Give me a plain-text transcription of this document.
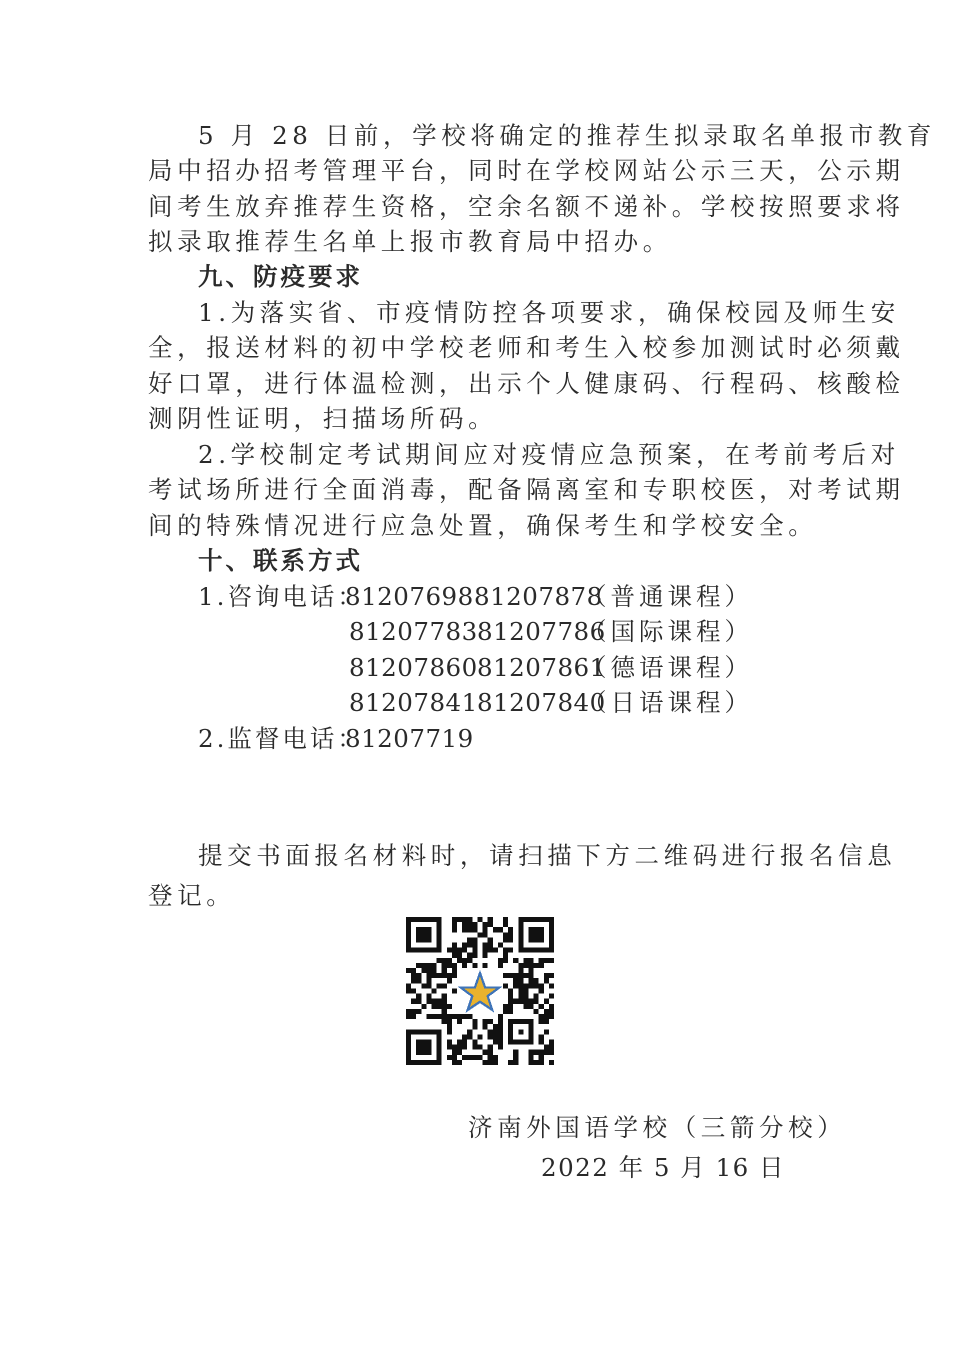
5 月 28 日前，学校将确定的推荐生拟录取名单报市教育
局中招办招考管理平台，同时在学校网站公示三天，公示期
间考生放弃推荐生资格，空余名额不递补。学校按照要求将
拟录取推荐生名单上报市教育局中招办。
九、防疫要求
1.为落实省、市疫情防控各项要求，确保校园及师生安
全，报送材料的初中学校老师和考生入校参加测试时必须戴
好口罩，进行体温检测，出示个人健康码、行程码、核酸检
测阴性证明，扫描场所码。
2.学校制定考试期间应对疫情应急预案，在考前考后对
考试场所进行全面消毒，配备隔离室和专职校医，对考试期
间的特殊情况进行应急处置，确保考生和学校安全。
十、联系方式
1.咨询电话：
81207698 81207878
（普通课程）
81207783 81207786
（国际课程）
81207860 81207861
（德语课程）
81207841 81207840
（日语课程）
2.监督电话：
81207719
提交书面报名材料时，请扫描下方二维码进行报名信息
登记。
济南外国语学校（三箭分校）
2022 年 5 月 16 日
